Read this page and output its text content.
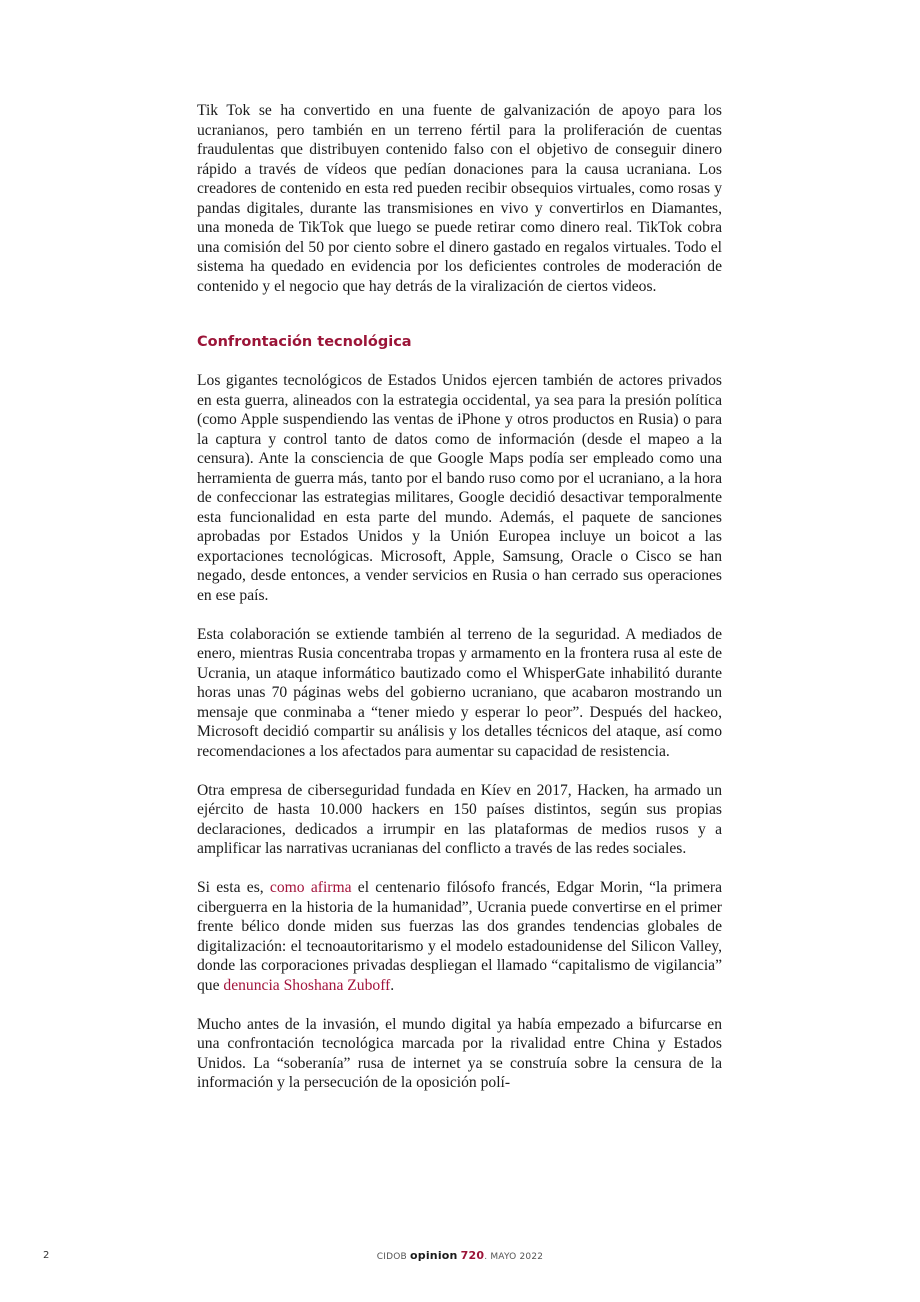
Tik Tok se ha convertido en una fuente de galvanización de apoyo para los ucranianos, pero también en un terreno fértil para la proliferación de cuentas fraudulentas que distribuyen contenido falso con el objetivo de conseguir dinero rápido a través de vídeos que pedían donaciones para la causa ucraniana. Los creadores de contenido en esta red pueden recibir obsequios virtuales, como rosas y pandas digitales, durante las transmisiones en vivo y convertirlos en Diamantes, una moneda de TikTok que luego se puede retirar como dinero real. TikTok cobra una comisión del 50 por ciento sobre el dinero gastado en regalos virtuales. Todo el sistema ha quedado en evidencia por los deficientes controles de moderación de contenido y el negocio que hay detrás de la viralización de ciertos videos.

Confrontación tecnológica

Los gigantes tecnológicos de Estados Unidos ejercen también de actores privados en esta guerra, alineados con la estrategia occidental, ya sea para la presión política (como Apple suspendiendo las ventas de iPhone y otros productos en Rusia) o para la captura y control tanto de datos como de información (desde el mapeo a la censura). Ante la consciencia de que Google Maps podía ser empleado como una herramienta de guerra más, tanto por el bando ruso como por el ucraniano, a la hora de confeccionar las estrategias militares, Google decidió desactivar temporalmente esta funcionalidad en esta parte del mundo. Además, el paquete de sanciones aprobadas por Estados Unidos y la Unión Europea incluye un boicot a las exportaciones tecnológicas. Microsoft, Apple, Samsung, Oracle o Cisco se han negado, desde entonces, a vender servicios en Rusia o han cerrado sus operaciones en ese país.

Esta colaboración se extiende también al terreno de la seguridad. A mediados de enero, mientras Rusia concentraba tropas y armamento en la frontera rusa al este de Ucrania, un ataque informático bautizado como el WhisperGate inhabilitó durante horas unas 70 páginas webs del gobierno ucraniano, que acabaron mostrando un mensaje que conminaba a “tener miedo y esperar lo peor”. Después del hackeo, Microsoft decidió compartir su análisis y los detalles técnicos del ataque, así como recomendaciones a los afectados para aumentar su capacidad de resistencia.

Otra empresa de ciberseguridad fundada en Kíev en 2017, Hacken, ha armado un ejército de hasta 10.000 hackers en 150 países distintos, según sus propias declaraciones, dedicados a irrumpir en las plataformas de medios rusos y a amplificar las narrativas ucranianas del conflicto a través de las redes sociales.

Si esta es, como afirma el centenario filósofo francés, Edgar Morin, “la primera ciberguerra en la historia de la humanidad”, Ucrania puede convertirse en el primer frente bélico donde miden sus fuerzas las dos grandes tendencias globales de digitalización: el tecnoautoritarismo y el modelo estadounidense del Silicon Valley, donde las corporaciones privadas despliegan el llamado “capitalismo de vigilancia” que denuncia Shoshana Zuboff.

Mucho antes de la invasión, el mundo digital ya había empezado a bifurcarse en una confrontación tecnológica marcada por la rivalidad entre China y Estados Unidos. La “soberanía” rusa de internet ya se construía sobre la censura de la información y la persecución de la oposición polí-

2	CIDOB opinion 720. MAYO 2022
